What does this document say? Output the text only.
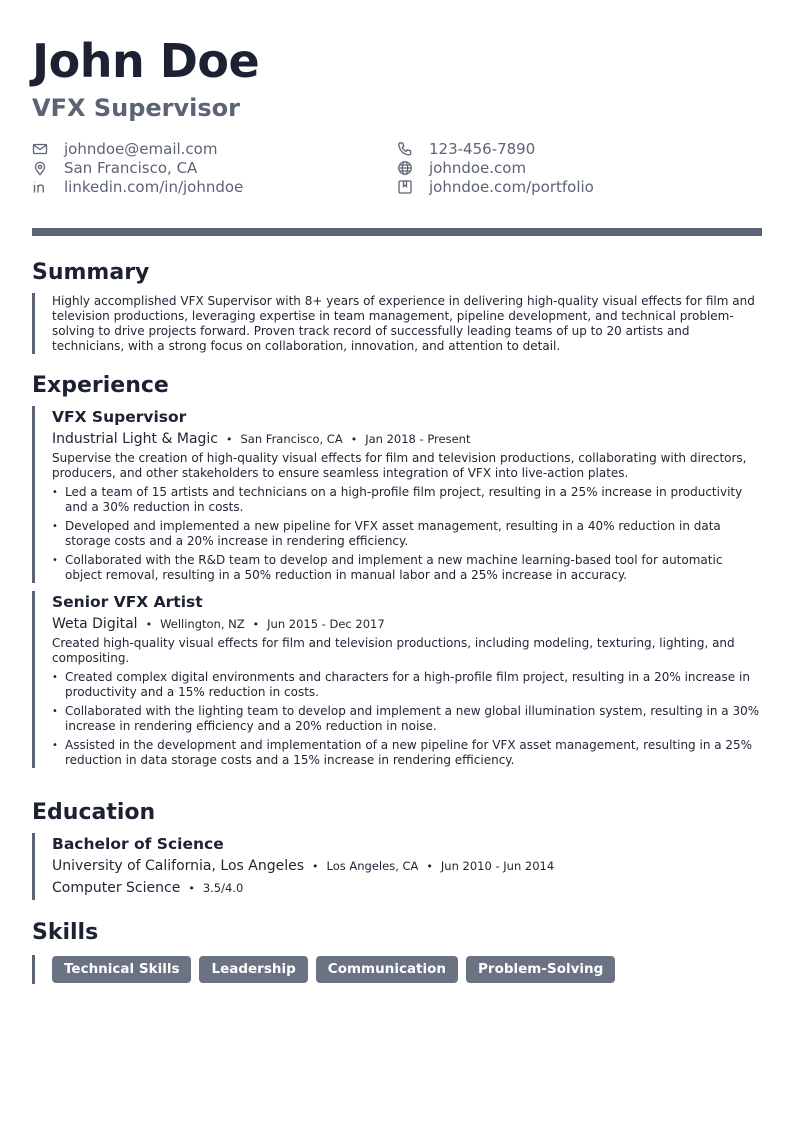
John Doe
VFX Supervisor
johndoe@email.com	123-456-7890
San Francisco, CA	johndoe.com
linkedin.com/in/johndoe	johndoe.com/portfolio
Summary

Highly accomplished VFX Supervisor with 8+ years of experience in delivering high-quality visual effects for film and television productions, leveraging expertise in team management, pipeline development, and technical problem-solving to drive projects forward. Proven track record of successfully leading teams of up to 20 artists and technicians, with a strong focus on collaboration, innovation, and attention to detail.

Experience

VFX Supervisor

Industrial Light & Magic • San Francisco, CA • Jan 2018 - Present

Supervise the creation of high-quality visual effects for film and television productions, collaborating with directors, producers, and other stakeholders to ensure seamless integration of VFX into live-action plates.

• Led a team of 15 artists and technicians on a high-profile film project, resulting in a 25% increase in productivity and a 30% reduction in costs.
• Developed and implemented a new pipeline for VFX asset management, resulting in a 40% reduction in data storage costs and a 20% increase in rendering efficiency.
• Collaborated with the R&D team to develop and implement a new machine learning-based tool for automatic object removal, resulting in a 50% reduction in manual labor and a 25% increase in accuracy.

Senior VFX Artist

Weta Digital • Wellington, NZ • Jun 2015 - Dec 2017

Created high-quality visual effects for film and television productions, including modeling, texturing, lighting, and compositing.

• Created complex digital environments and characters for a high-profile film project, resulting in a 20% increase in productivity and a 15% reduction in costs.
• Collaborated with the lighting team to develop and implement a new global illumination system, resulting in a 30% increase in rendering efficiency and a 20% reduction in noise.
• Assisted in the development and implementation of a new pipeline for VFX asset management, resulting in a 25% reduction in data storage costs and a 15% increase in rendering efficiency.
Education

Bachelor of Science

University of California, Los Angeles • Los Angeles, CA • Jun 2010 - Jun 2014
Computer Science • 3.5/4.0
Skills
Technical Skills	Leadership	Communication	Problem-Solving
